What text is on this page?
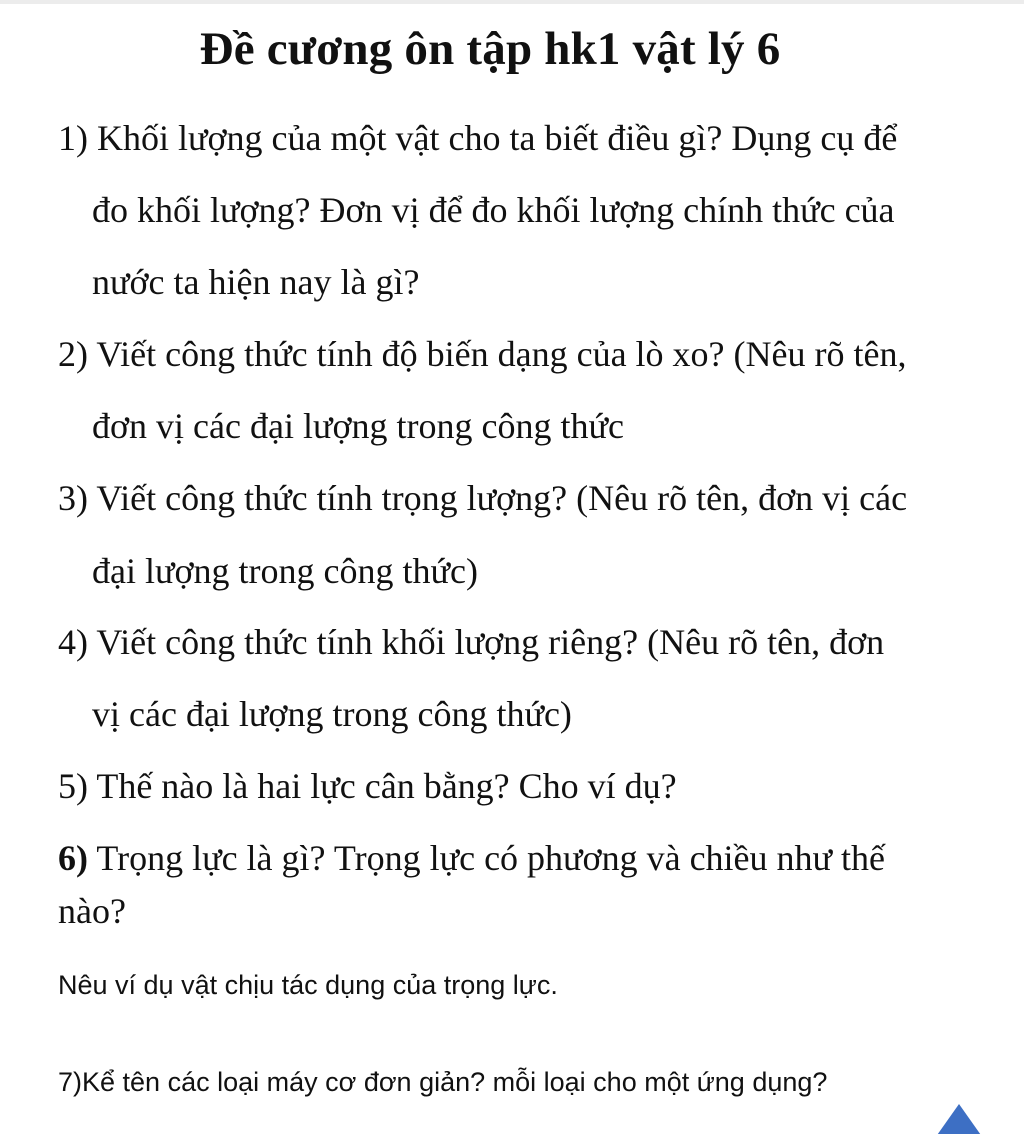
Đề cương ôn tập hk1 vật lý 6
1) Khối lượng của một vật cho ta biết điều gì? Dụng cụ để
đo khối lượng? Đơn vị để đo khối lượng chính thức của
nước ta hiện nay là gì?
2) Viết công thức tính độ biến dạng của lò xo? (Nêu rõ tên,
đơn vị các đại lượng trong công thức
3) Viết công thức tính trọng lượng? (Nêu rõ tên, đơn vị các
đại lượng trong công thức)
4) Viết công thức tính khối lượng riêng? (Nêu rõ tên, đơn
vị các đại lượng trong công thức)
5) Thế nào là hai lực cân bằng? Cho ví dụ?
6) Trọng lực là gì? Trọng lực có phương và chiều như thế
nào?
Nêu ví dụ vật chịu tác dụng của trọng lực.
7)Kể tên các loại máy cơ đơn giản? mỗi loại cho một ứng dụng?
